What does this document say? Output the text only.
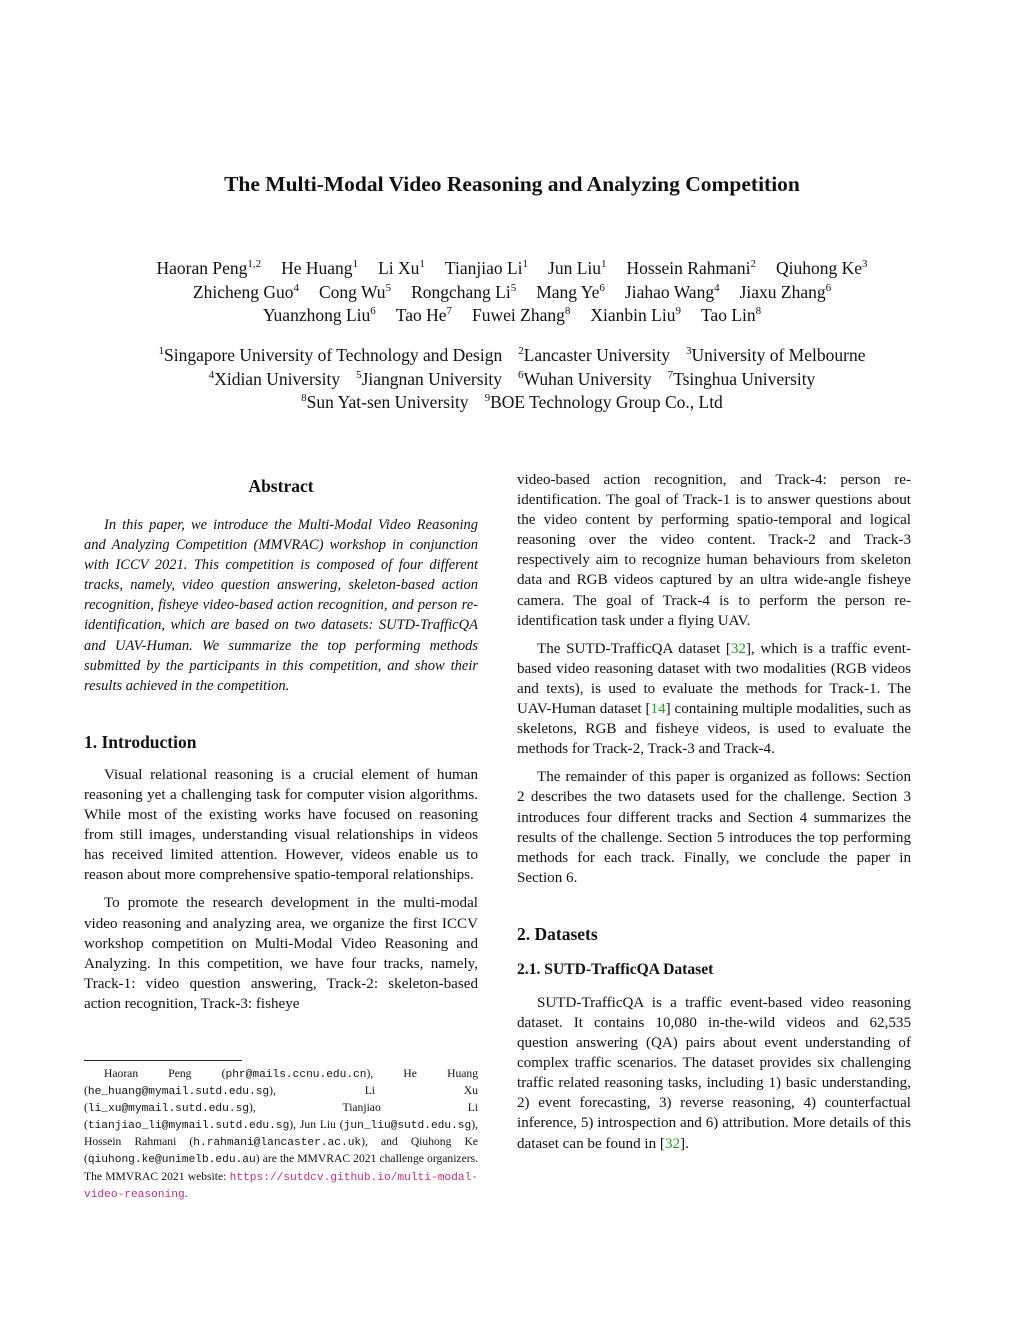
The Multi-Modal Video Reasoning and Analyzing Competition
Haoran Peng$^{1,2}$ He Huang$^1$ Li Xu$^1$ Tianjiao Li$^1$ Jun Liu$^1$ Hossein Rahmani$^2$ Qiuhong Ke$^3$
Zhicheng Guo$^4$ Cong Wu$^5$ Rongchang Li$^5$ Mang Ye$^6$ Jiahao Wang$^4$ Jiaxu Zhang$^6$
Yuanzhong Liu$^6$ Tao He$^7$ Fuwei Zhang$^8$ Xianbin Liu$^9$ Tao Lin$^8$
$^1$Singapore University of Technology and Design $^2$Lancaster University $^3$University of Melbourne
$^4$Xidian University $^5$Jiangnan University $^6$Wuhan University $^7$Tsinghua University
$^8$Sun Yat-sen University $^9$BOE Technology Group Co., Ltd
Abstract

In this paper, we introduce the Multi-Modal Video Reasoning and Analyzing Competition (MMVRAC) workshop in conjunction with ICCV 2021. This competition is composed of four different tracks, namely, video question answering, skeleton-based action recognition, fisheye video-based action recognition, and person re-identification, which are based on two datasets: SUTD-TrafficQA and UAV-Human. We summarize the top performing methods submitted by the participants in this competition, and show their results achieved in the competition.

1. Introduction

Visual relational reasoning is a crucial element of human reasoning yet a challenging task for computer vision algorithms. While most of the existing works have focused on reasoning from still images, understanding visual relationships in videos has received limited attention. However, videos enable us to reason about more comprehensive spatio-temporal relationships.

To promote the research development in the multi-modal video reasoning and analyzing area, we organize the first ICCV workshop competition on Multi-Modal Video Reasoning and Analyzing. In this competition, we have four tracks, namely, Track-1: video question answering, Track-2: skeleton-based action recognition, Track-3: fisheye

Haoran Peng (phr@mails.ccnu.edu.cn), He Huang (he_huang@mymail.sutd.edu.sg), Li Xu (li_xu@mymail.sutd.edu.sg), Tianjiao Li (tianjiao_li@mymail.sutd.edu.sg), Jun Liu (jun_liu@sutd.edu.sg), Hossein Rahmani (h.rahmani@lancaster.ac.uk), and Qiuhong Ke (qiuhong.ke@unimelb.edu.au) are the MMVRAC 2021 challenge organizers. The MMVRAC 2021 website: https://sutdcv.github.io/multi-modal-video-reasoning.

video-based action recognition, and Track-4: person re-identification. The goal of Track-1 is to answer questions about the video content by performing spatio-temporal and logical reasoning over the video content. Track-2 and Track-3 respectively aim to recognize human behaviours from skeleton data and RGB videos captured by an ultra wide-angle fisheye camera. The goal of Track-4 is to perform the person re-identification task under a flying UAV.

The SUTD-TrafficQA dataset [32], which is a traffic event-based video reasoning dataset with two modalities (RGB videos and texts), is used to evaluate the methods for Track-1. The UAV-Human dataset [14] containing multiple modalities, such as skeletons, RGB and fisheye videos, is used to evaluate the methods for Track-2, Track-3 and Track-4.

The remainder of this paper is organized as follows: Section 2 describes the two datasets used for the challenge. Section 3 introduces four different tracks and Section 4 summarizes the results of the challenge. Section 5 introduces the top performing methods for each track. Finally, we conclude the paper in Section 6.

2. Datasets
2.1. SUTD-TrafficQA Dataset

SUTD-TrafficQA is a traffic event-based video reasoning dataset. It contains 10,080 in-the-wild videos and 62,535 question answering (QA) pairs about event understanding of complex traffic scenarios. The dataset provides six challenging traffic related reasoning tasks, including 1) basic understanding, 2) event forecasting, 3) reverse reasoning, 4) counterfactual inference, 5) introspection and 6) attribution. More details of this dataset can be found in [32].
